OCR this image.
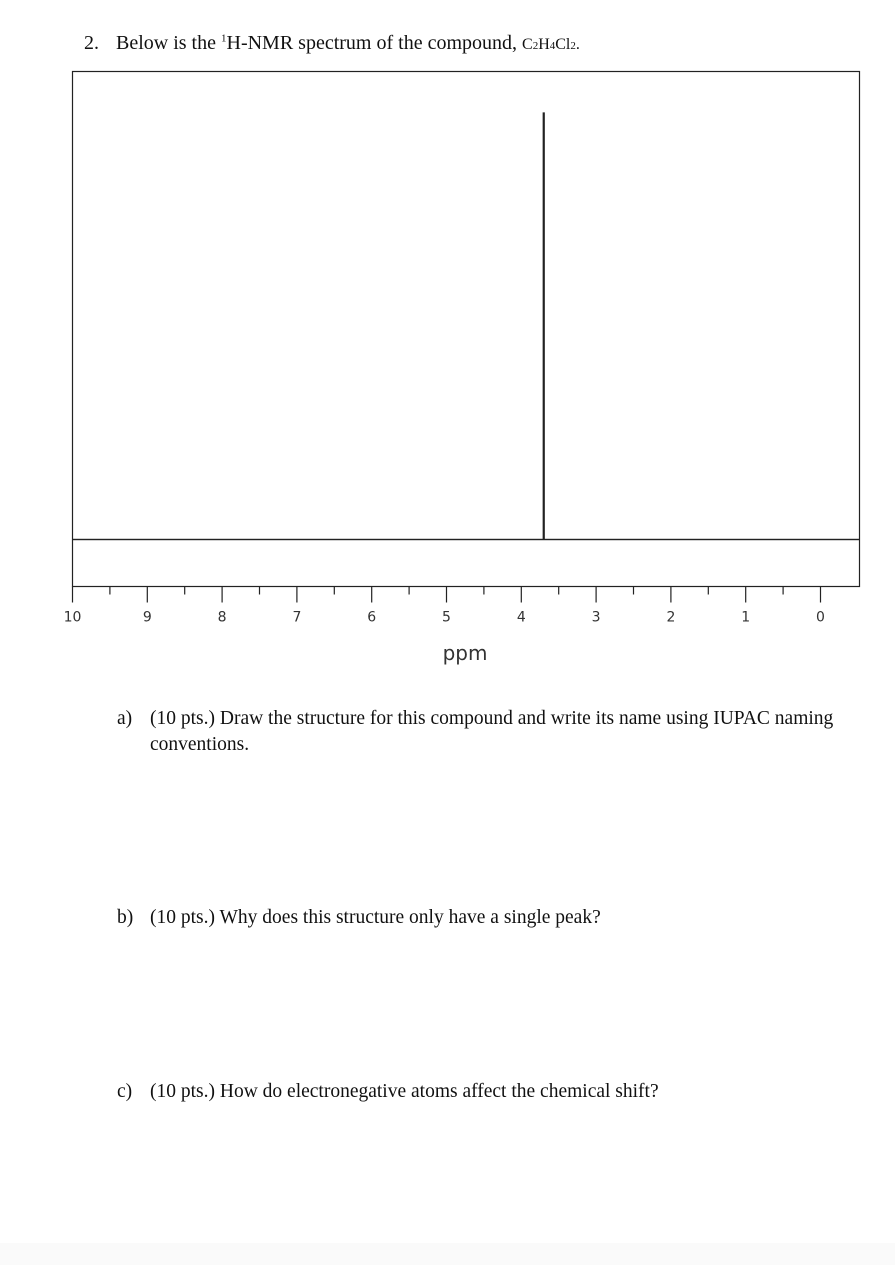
2. Below is the $^1$H-NMR spectrum of the compound, C2H4Cl2.
10	9	8	7	6	5	4	3	2	1	0
ppm
a) (10 pts.) Draw the structure for this compound and write its name using IUPAC naming conventions.
b) (10 pts.) Why does this structure only have a single peak?
c) (10 pts.) How do electronegative atoms affect the chemical shift?
